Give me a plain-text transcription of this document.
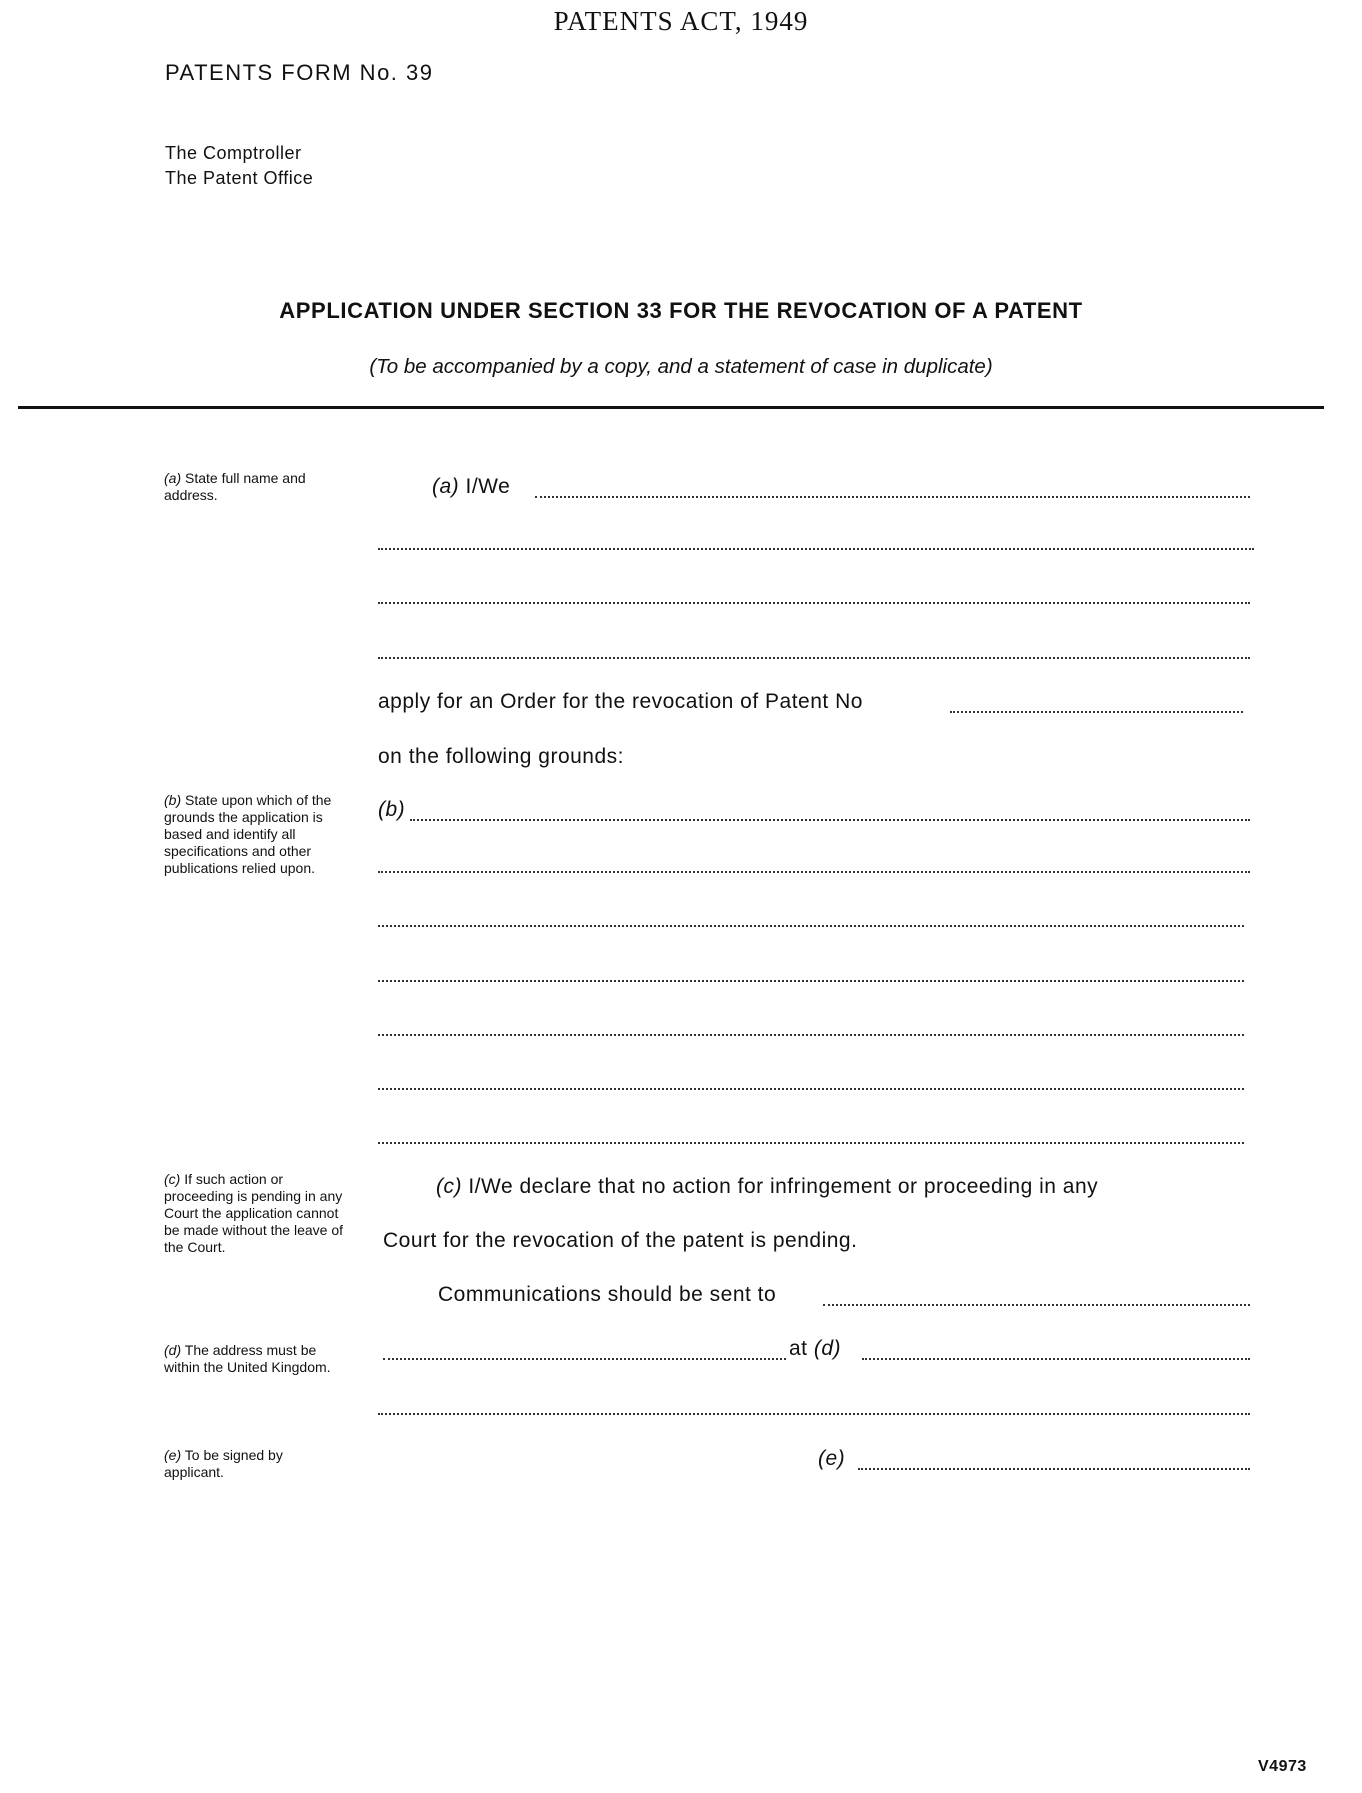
PATENTS ACT, 1949
PATENTS FORM No. 39
The Comptroller
The Patent Office
APPLICATION UNDER SECTION 33 FOR THE REVOCATION OF A PATENT
(To be accompanied by a copy, and a statement of case in duplicate)
(a) State full name and address.
(b) State upon which of the grounds the application is based and identify all specifications and other publications relied upon.
(c) If such action or proceeding is pending in any Court the application cannot be made without the leave of the Court.
(d) The address must be within the United Kingdom.
(e) To be signed by applicant.
(a) I/We
apply for an Order for the revocation of Patent No
on the following grounds:
(b)
(c) I/We declare that no action for infringement or proceeding in any
Court for the revocation of the patent is pending.
Communications should be sent to
at (d)
(e)
V4973
